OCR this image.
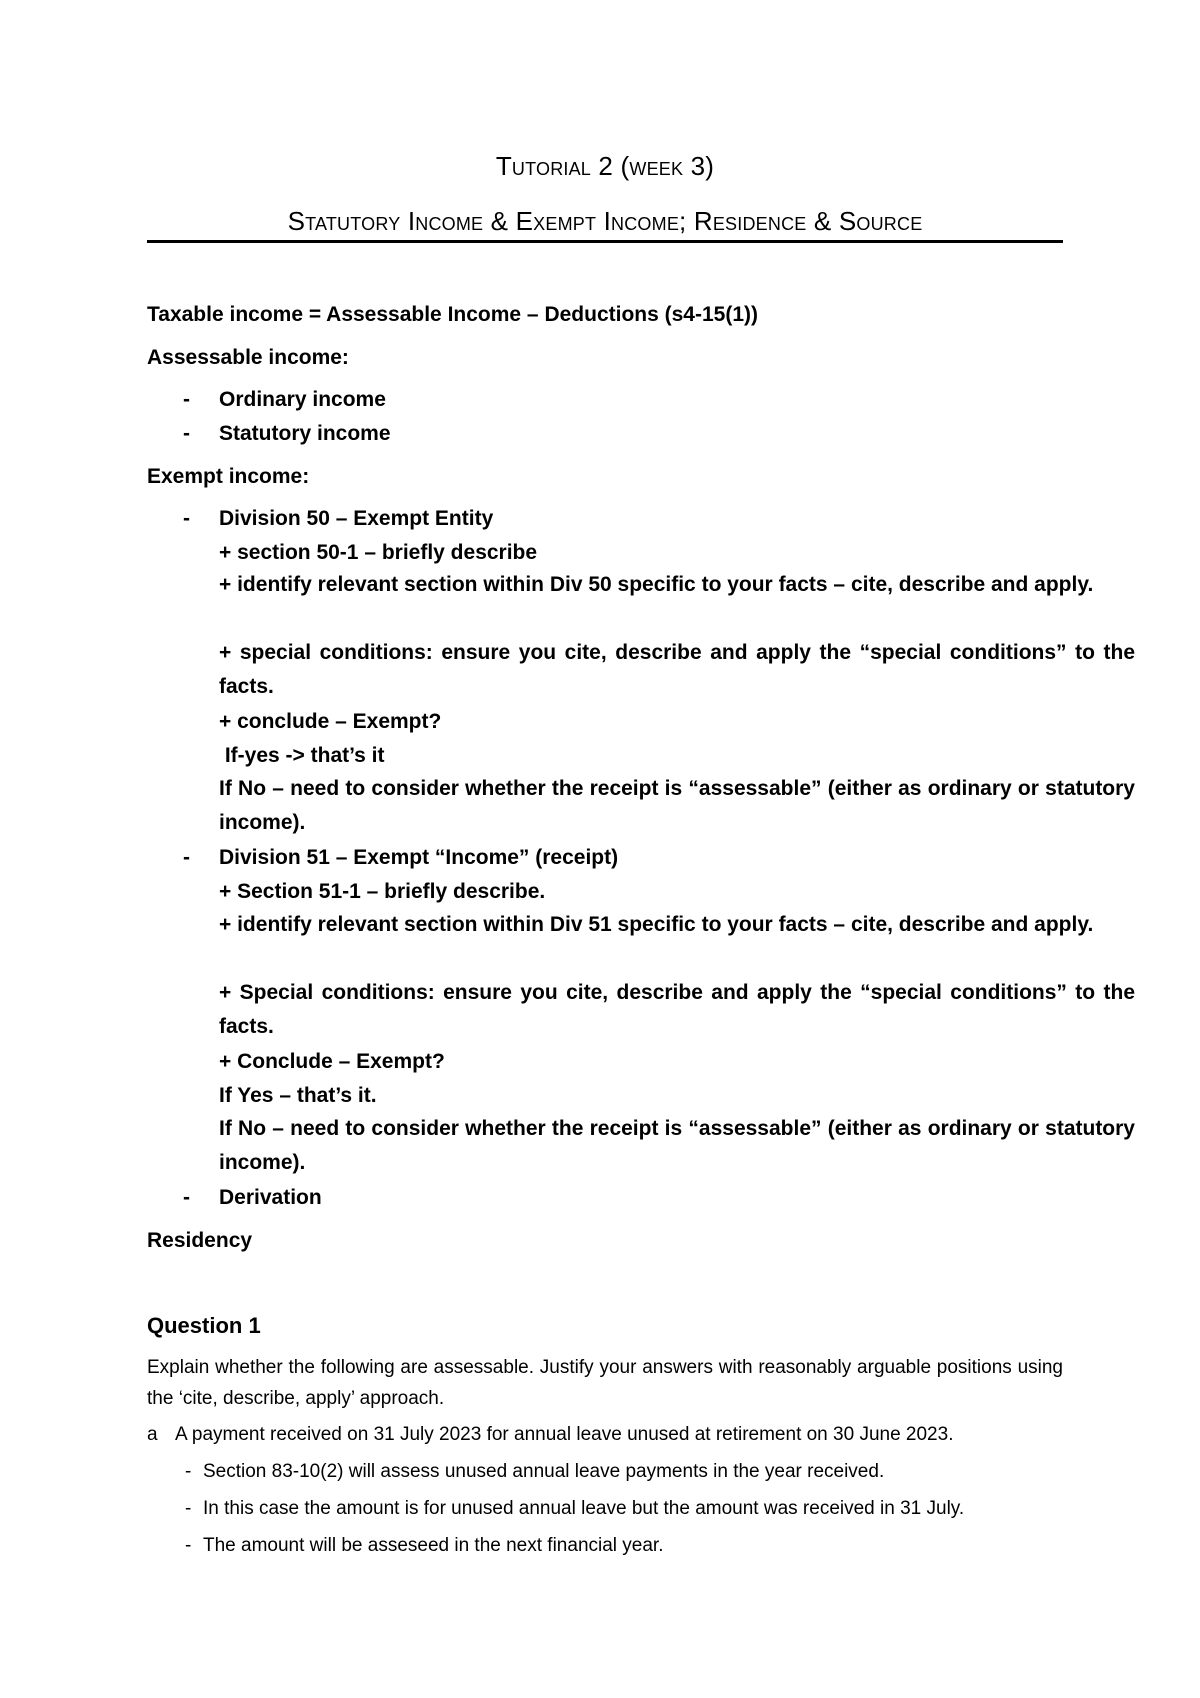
Tutorial 2 (week 3)
Statutory Income & Exempt Income; Residence & Source
Taxable income = Assessable Income – Deductions (s4-15(1))
Assessable income:
- Ordinary income
- Statutory income
Exempt income:
- Division 50 – Exempt Entity
+ section 50-1 – briefly describe
+ identify relevant section within Div 50 specific to your facts – cite, describe and apply.
+ special conditions: ensure you cite, describe and apply the “special conditions” to the facts.
+ conclude – Exempt?
If-yes -> that’s it
If No – need to consider whether the receipt is “assessable” (either as ordinary or statutory income).
- Division 51 – Exempt “Income” (receipt)
+ Section 51-1 – briefly describe.
+ identify relevant section within Div 51 specific to your facts – cite, describe and apply.
+ Special conditions: ensure you cite, describe and apply the “special conditions” to the facts.
+ Conclude – Exempt?
If Yes – that’s it.
If No – need to consider whether the receipt is “assessable” (either as ordinary or statutory income).
- Derivation
Residency
Question 1
Explain whether the following are assessable. Justify your answers with reasonably arguable positions using the ‘cite, describe, apply’ approach.
a A payment received on 31 July 2023 for annual leave unused at retirement on 30 June 2023.
- Section 83-10(2) will assess unused annual leave payments in the year received.
- In this case the amount is for unused annual leave but the amount was received in 31 July.
- The amount will be asseseed in the next financial year.
